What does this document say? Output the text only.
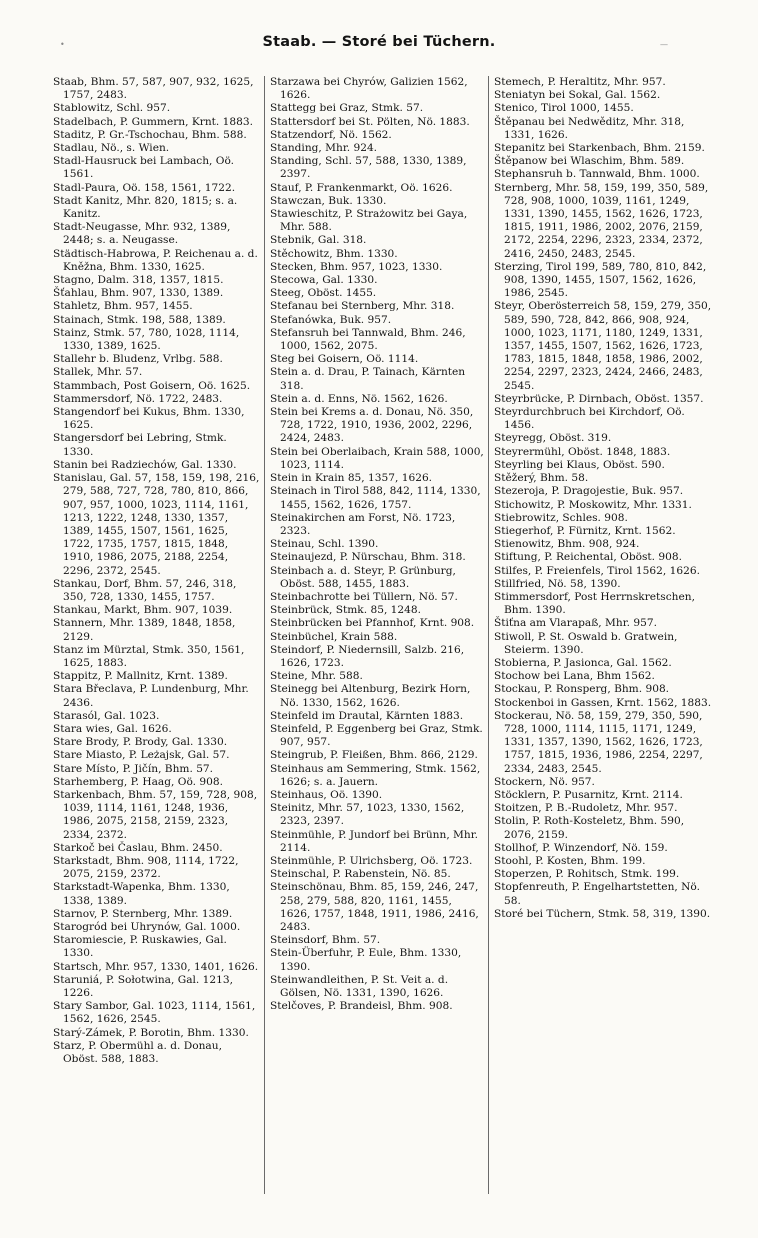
•	—
Staab. — Storé bei Tüchern.

Staab, Bhm. 57, 587, 907, 932, 1625, 1757, 2483.

Stablowitz, Schl. 957.

Stadelbach, P. Gummern, Krnt. 1883.

Staditz, P. Gr.-Tschochau, Bhm. 588.

Stadlau, Nö., s. Wien.

Stadl-Hausruck bei Lambach, Oö. 1561.

Stadl-Paura, Oö. 158, 1561, 1722.

Stadt Kanitz, Mhr. 820, 1815; s. a. Kanitz.

Stadt-Neugasse, Mhr. 932, 1389, 2448; s. a. Neugasse.

Städtisch-Habrowa, P. Reichenau a. d. Kněžna, Bhm. 1330, 1625.

Stagno, Dalm. 318, 1357, 1815.

Šťahlau, Bhm. 907, 1330, 1389.

Stahletz, Bhm. 957, 1455.

Stainach, Stmk. 198, 588, 1389.

Stainz, Stmk. 57, 780, 1028, 1114, 1330, 1389, 1625.

Stallehr b. Bludenz, Vrlbg. 588.

Stallek, Mhr. 57.

Stammbach, Post Goisern, Oö. 1625.

Stammersdorf, Nö. 1722, 2483.

Stangendorf bei Kukus, Bhm. 1330, 1625.

Stangersdorf bei Lebring, Stmk. 1330.

Stanin bei Radziechów, Gal. 1330.

Stanislau, Gal. 57, 158, 159, 198, 216, 279, 588, 727, 728, 780, 810, 866, 907, 957, 1000, 1023, 1114, 1161, 1213, 1222, 1248, 1330, 1357, 1389, 1455, 1507, 1561, 1625, 1722, 1735, 1757, 1815, 1848, 1910, 1986, 2075, 2188, 2254, 2296, 2372, 2545.

Stankau, Dorf, Bhm. 57, 246, 318, 350, 728, 1330, 1455, 1757.

Stankau, Markt, Bhm. 907, 1039.

Stannern, Mhr. 1389, 1848, 1858, 2129.

Stanz im Mürztal, Stmk. 350, 1561, 1625, 1883.

Stappitz, P. Mallnitz, Krnt. 1389.

Stara Břeclava, P. Lundenburg, Mhr. 2436.

Starasól, Gal. 1023.

Stara wies, Gal. 1626.

Stare Brody, P. Brody, Gal. 1330.

Stare Miasto, P. Leżajsk, Gal. 57.

Stare Místo, P. Jičín, Bhm. 57.

Starhemberg, P. Haag, Oö. 908.

Starkenbach, Bhm. 57, 159, 728, 908, 1039, 1114, 1161, 1248, 1936, 1986, 2075, 2158, 2159, 2323, 2334, 2372.

Starkoč bei Časlau, Bhm. 2450.

Starkstadt, Bhm. 908, 1114, 1722, 2075, 2159, 2372.

Starkstadt-Wapenka, Bhm. 1330, 1338, 1389.

Starnov, P. Sternberg, Mhr. 1389.

Starogród bei Uhrynów, Gal. 1000.

Staromiescie, P. Ruskawies, Gal. 1330.

Startsch, Mhr. 957, 1330, 1401, 1626.

Staruniá, P. Sołotwina, Gal. 1213, 1226.

Stary Sambor, Gal. 1023, 1114, 1561, 1562, 1626, 2545.

Starý-Zámek, P. Borotin, Bhm. 1330.

Starz, P. Obermühl a. d. Donau, Oböst. 588, 1883.

Starzawa bei Chyrów, Galizien 1562, 1626.

Stattegg bei Graz, Stmk. 57.

Stattersdorf bei St. Pölten, Nö. 1883.

Statzendorf, Nö. 1562.

Standing, Mhr. 924.

Standing, Schl. 57, 588, 1330, 1389, 2397.

Stauf, P. Frankenmarkt, Oö. 1626.

Stawczan, Buk. 1330.

Stawieschitz, P. Strażowitz bei Gaya, Mhr. 588.

Stebnik, Gal. 318.

Stěchowitz, Bhm. 1330.

Stecken, Bhm. 957, 1023, 1330.

Stecowa, Gal. 1330.

Steeg, Oböst. 1455.

Stefanau bei Sternberg, Mhr. 318.

Stefanówka, Buk. 957.

Stefansruh bei Tannwald, Bhm. 246, 1000, 1562, 2075.

Steg bei Goisern, Oö. 1114.

Stein a. d. Drau, P. Tainach, Kärnten 318.

Stein a. d. Enns, Nö. 1562, 1626.

Stein bei Krems a. d. Donau, Nö. 350, 728, 1722, 1910, 1936, 2002, 2296, 2424, 2483.

Stein bei Oberlaibach, Krain 588, 1000, 1023, 1114.

Stein in Krain 85, 1357, 1626.

Steinach in Tirol 588, 842, 1114, 1330, 1455, 1562, 1626, 1757.

Steinakirchen am Forst, Nö. 1723, 2323.

Steinau, Schl. 1390.

Steinaujezd, P. Nürschau, Bhm. 318.

Steinbach a. d. Steyr, P. Grünburg, Oböst. 588, 1455, 1883.

Steinbachrotte bei Tüllern, Nö. 57.

Steinbrück, Stmk. 85, 1248.

Steinbrücken bei Pfannhof, Krnt. 908.

Steinbüchel, Krain 588.

Steindorf, P. Niedernsill, Salzb. 216, 1626, 1723.

Steine, Mhr. 588.

Steinegg bei Altenburg, Bezirk Horn, Nö. 1330, 1562, 1626.

Steinfeld im Drautal, Kärnten 1883.

Steinfeld, P. Eggenberg bei Graz, Stmk. 907, 957.

Steingrub, P. Fleißen, Bhm. 866, 2129.

Steinhaus am Semmering, Stmk. 1562, 1626; s. a. Jauern.

Steinhaus, Oö. 1390.

Steinitz, Mhr. 57, 1023, 1330, 1562, 2323, 2397.

Steinmühle, P. Jundorf bei Brünn, Mhr. 2114.

Steinmühle, P. Ulrichsberg, Oö. 1723.

Steinschal, P. Rabenstein, Nö. 85.

Steinschönau, Bhm. 85, 159, 246, 247, 258, 279, 588, 820, 1161, 1455, 1626, 1757, 1848, 1911, 1986, 2416, 2483.

Steinsdorf, Bhm. 57.

Stein-Überfuhr, P. Eule, Bhm. 1330, 1390.

Steinwandleithen, P. St. Veit a. d. Gölsen, Nö. 1331, 1390, 1626.

Stelčoves, P. Brandeisl, Bhm. 908.

Stemech, P. Heraltitz, Mhr. 957.

Steniatyn bei Sokal, Gal. 1562.

Stenico, Tirol 1000, 1455.

Štěpanau bei Nedwěditz, Mhr. 318, 1331, 1626.

Stepanitz bei Starkenbach, Bhm. 2159.

Štěpanow bei Wlaschim, Bhm. 589.

Stephansruh b. Tannwald, Bhm. 1000.

Sternberg, Mhr. 58, 159, 199, 350, 589, 728, 908, 1000, 1039, 1161, 1249, 1331, 1390, 1455, 1562, 1626, 1723, 1815, 1911, 1986, 2002, 2076, 2159, 2172, 2254, 2296, 2323, 2334, 2372, 2416, 2450, 2483, 2545.

Sterzing, Tirol 199, 589, 780, 810, 842, 908, 1390, 1455, 1507, 1562, 1626, 1986, 2545.

Steyr, Oberösterreich 58, 159, 279, 350, 589, 590, 728, 842, 866, 908, 924, 1000, 1023, 1171, 1180, 1249, 1331, 1357, 1455, 1507, 1562, 1626, 1723, 1783, 1815, 1848, 1858, 1986, 2002, 2254, 2297, 2323, 2424, 2466, 2483, 2545.

Steyrbrücke, P. Dirnbach, Oböst. 1357.

Steyrdurchbruch bei Kirchdorf, Oö. 1456.

Steyregg, Oböst. 319.

Steyrermühl, Oböst. 1848, 1883.

Steyrling bei Klaus, Oböst. 590.

Stěžerý, Bhm. 58.

Stezeroja, P. Dragojestie, Buk. 957.

Stichowitz, P. Moskowitz, Mhr. 1331.

Stiebrowitz, Schles. 908.

Stiegerhof, P. Fürnitz, Krnt. 1562.

Stienowitz, Bhm. 908, 924.

Stiftung, P. Reichental, Oböst. 908.

Stilfes, P. Freienfels, Tirol 1562, 1626.

Stillfried, Nö. 58, 1390.

Stimmersdorf, Post Herrnskretschen, Bhm. 1390.

Štiťna am Vlarapaß, Mhr. 957.

Stiwoll, P. St. Oswald b. Gratwein, Steierm. 1390.

Stobierna, P. Jasionca, Gal. 1562.

Stochow bei Lana, Bhm 1562.

Stockau, P. Ronsperg, Bhm. 908.

Stockenboi in Gassen, Krnt. 1562, 1883.

Stockerau, Nö. 58, 159, 279, 350, 590, 728, 1000, 1114, 1115, 1171, 1249, 1331, 1357, 1390, 1562, 1626, 1723, 1757, 1815, 1936, 1986, 2254, 2297, 2334, 2483, 2545.

Stockern, Nö. 957.

Stöcklern, P. Pusarnitz, Krnt. 2114.

Stoitzen, P. B.-Rudoletz, Mhr. 957.

Stolin, P. Roth-Kosteletz, Bhm. 590, 2076, 2159.

Stollhof, P. Winzendorf, Nö. 159.

Stoohl, P. Kosten, Bhm. 199.

Stoperzen, P. Rohitsch, Stmk. 199.

Stopfenreuth, P. Engelhartstetten, Nö. 58.

Storé bei Tüchern, Stmk. 58, 319, 1390.
